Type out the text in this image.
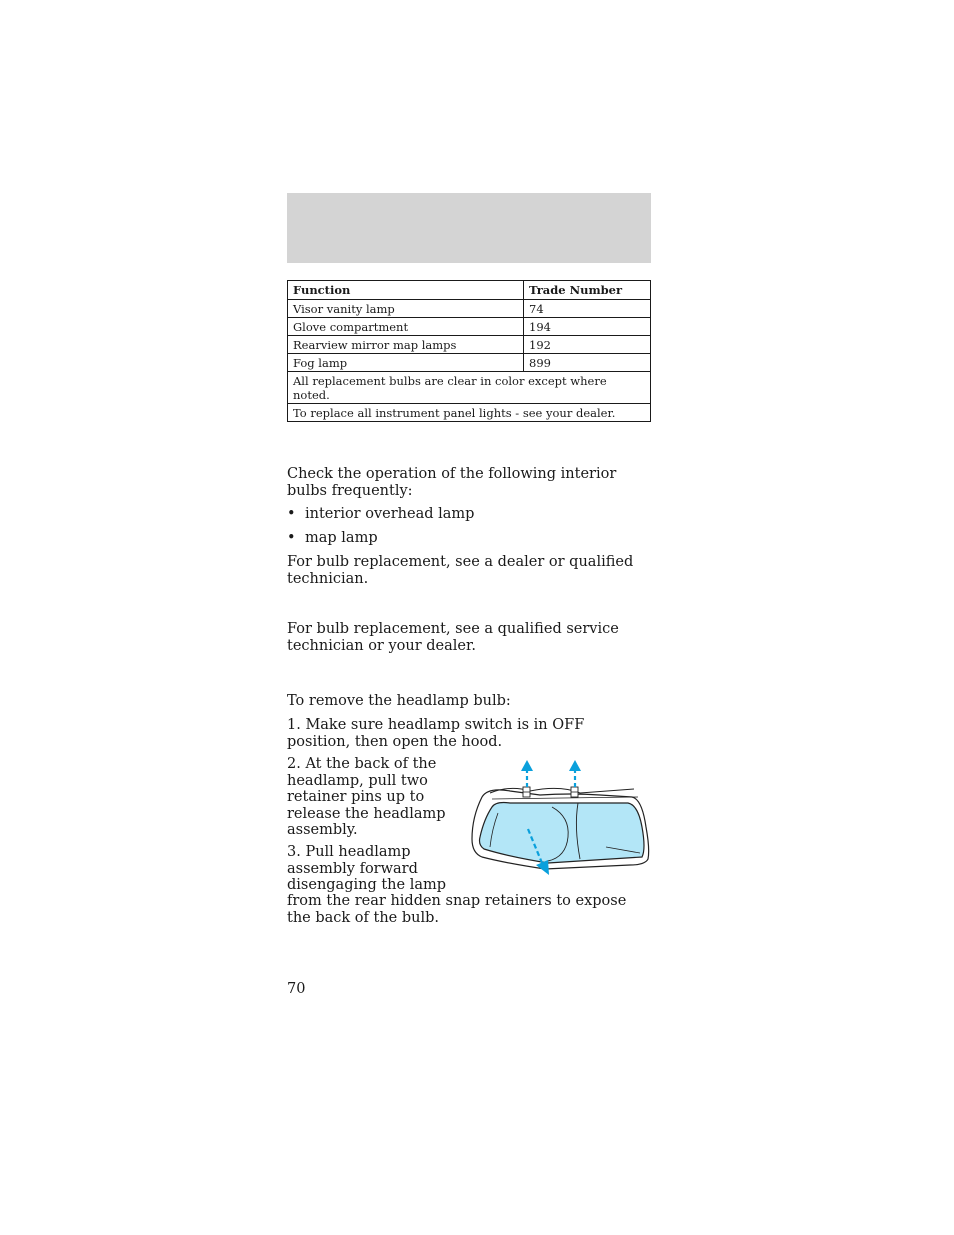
Function	Trade Number
Visor vanity lamp	74
Glove compartment	194
Rearview mirror map lamps	192
Fog lamp	899
All replacement bulbs are clear in color except where noted.	
To replace all instrument panel lights - see your dealer.	
Check the operation of the following interior bulbs frequently:
• interior overhead lamp
• map lamp
For bulb replacement, see a dealer or qualified technician.
For bulb replacement, see a qualified service technician or your dealer.
To remove the headlamp bulb:
1. Make sure headlamp switch is in OFF position, then open the hood.
2. At the back of the headlamp, pull two retainer pins up to release the headlamp assembly.
3. Pull headlamp assembly forward disengaging the lamp
from the rear hidden snap retainers to expose the back of the bulb.
70
